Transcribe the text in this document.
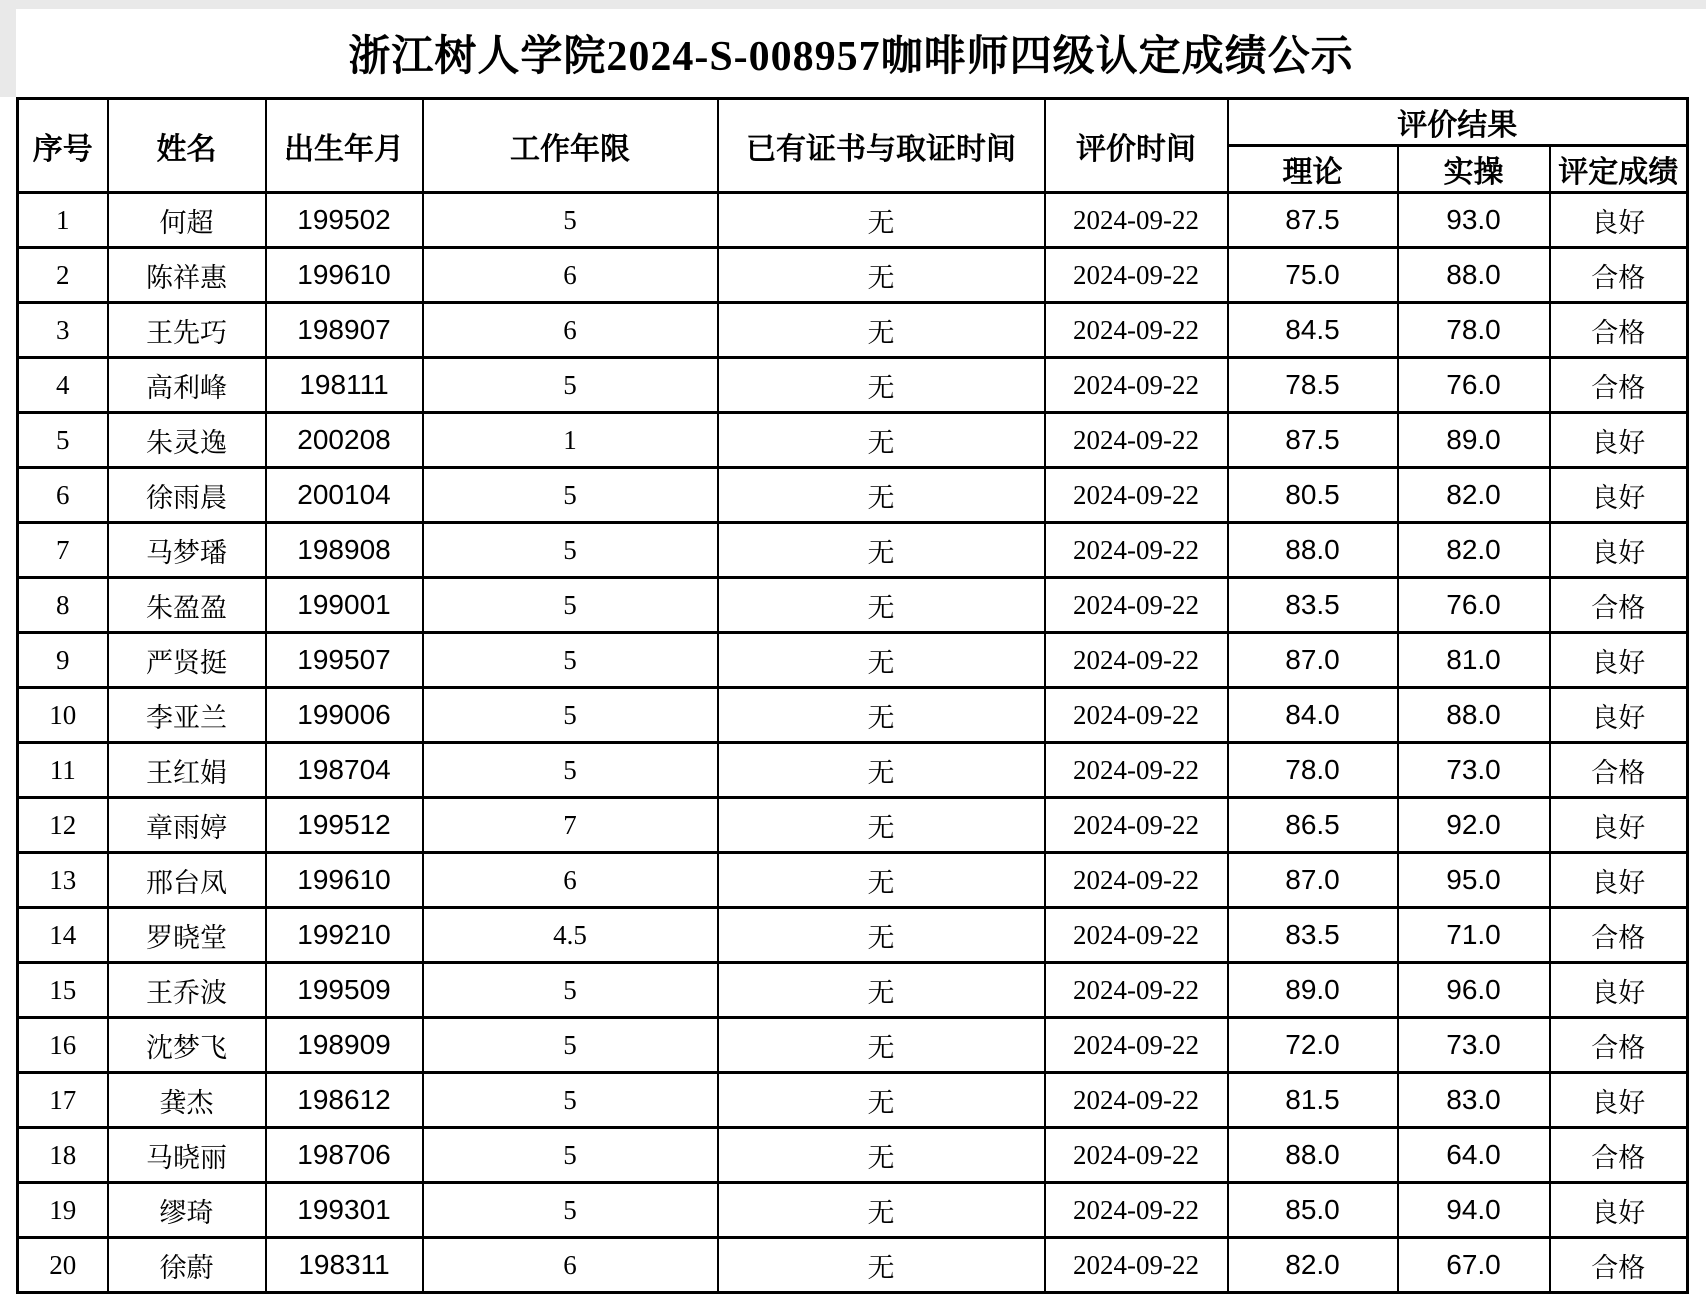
浙江树人学院2024-S-008957咖啡师四级认定成绩公示
序号	姓名	出生年月	工作年限	已有证书与取证时间	评价时间	评价结果		
						理论	实操	评定成绩
1	何超	199502	5	无	2024-09-22	87.5	93.0	良好
2	陈祥惠	199610	6	无	2024-09-22	75.0	88.0	合格
3	王先巧	198907	6	无	2024-09-22	84.5	78.0	合格
4	高利峰	198111	5	无	2024-09-22	78.5	76.0	合格
5	朱灵逸	200208	1	无	2024-09-22	87.5	89.0	良好
6	徐雨晨	200104	5	无	2024-09-22	80.5	82.0	良好
7	马梦璠	198908	5	无	2024-09-22	88.0	82.0	良好
8	朱盈盈	199001	5	无	2024-09-22	83.5	76.0	合格
9	严贤挺	199507	5	无	2024-09-22	87.0	81.0	良好
10	李亚兰	199006	5	无	2024-09-22	84.0	88.0	良好
11	王红娟	198704	5	无	2024-09-22	78.0	73.0	合格
12	章雨婷	199512	7	无	2024-09-22	86.5	92.0	良好
13	邢台凤	199610	6	无	2024-09-22	87.0	95.0	良好
14	罗晓堂	199210	4.5	无	2024-09-22	83.5	71.0	合格
15	王乔波	199509	5	无	2024-09-22	89.0	96.0	良好
16	沈梦飞	198909	5	无	2024-09-22	72.0	73.0	合格
17	龚杰	198612	5	无	2024-09-22	81.5	83.0	良好
18	马晓丽	198706	5	无	2024-09-22	88.0	64.0	合格
19	缪琦	199301	5	无	2024-09-22	85.0	94.0	良好
20	徐蔚	198311	6	无	2024-09-22	82.0	67.0	合格
